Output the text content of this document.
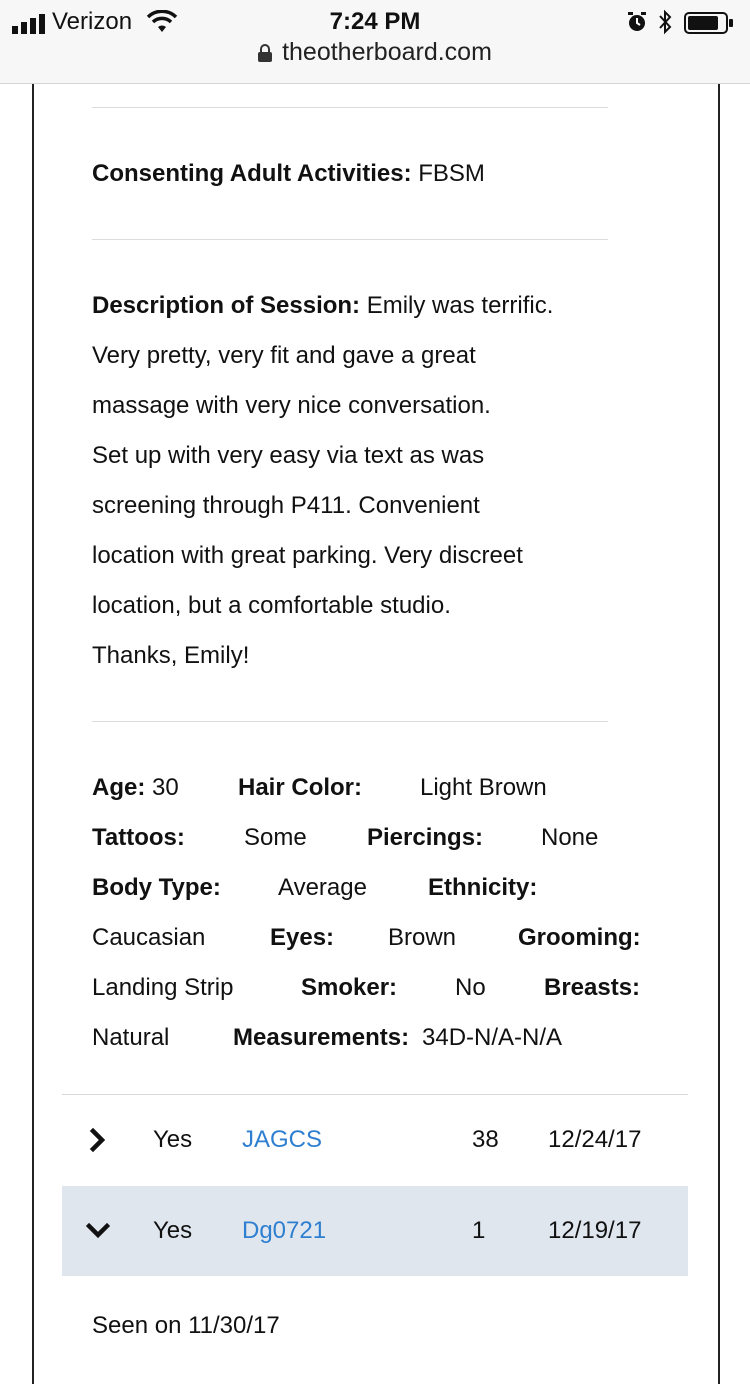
Verizon	7:24 PM
theotherboard.com
Consenting Adult Activities: FBSM
Description of Session: Emily was terrific.
Very pretty, very fit and gave a great
massage with very nice conversation.
Set up with very easy via text as was
screening through P411. Convenient
location with great parking. Very discreet
location, but a comfortable studio.
Thanks, Emily!
Age: 30 Hair Color: Light Brown
Tattoos: Some	Piercings: None
Body Type: Average	Ethnicity:
Caucasian	Eyes: Brown	Grooming:
Landing Strip	Smoker: No Breasts:
Natural	Measurements: 34D-N/A-N/A
Yes JAGCS	38 12/24/17
Yes Dg0721	1	12/19/17
Seen on 11/30/17
